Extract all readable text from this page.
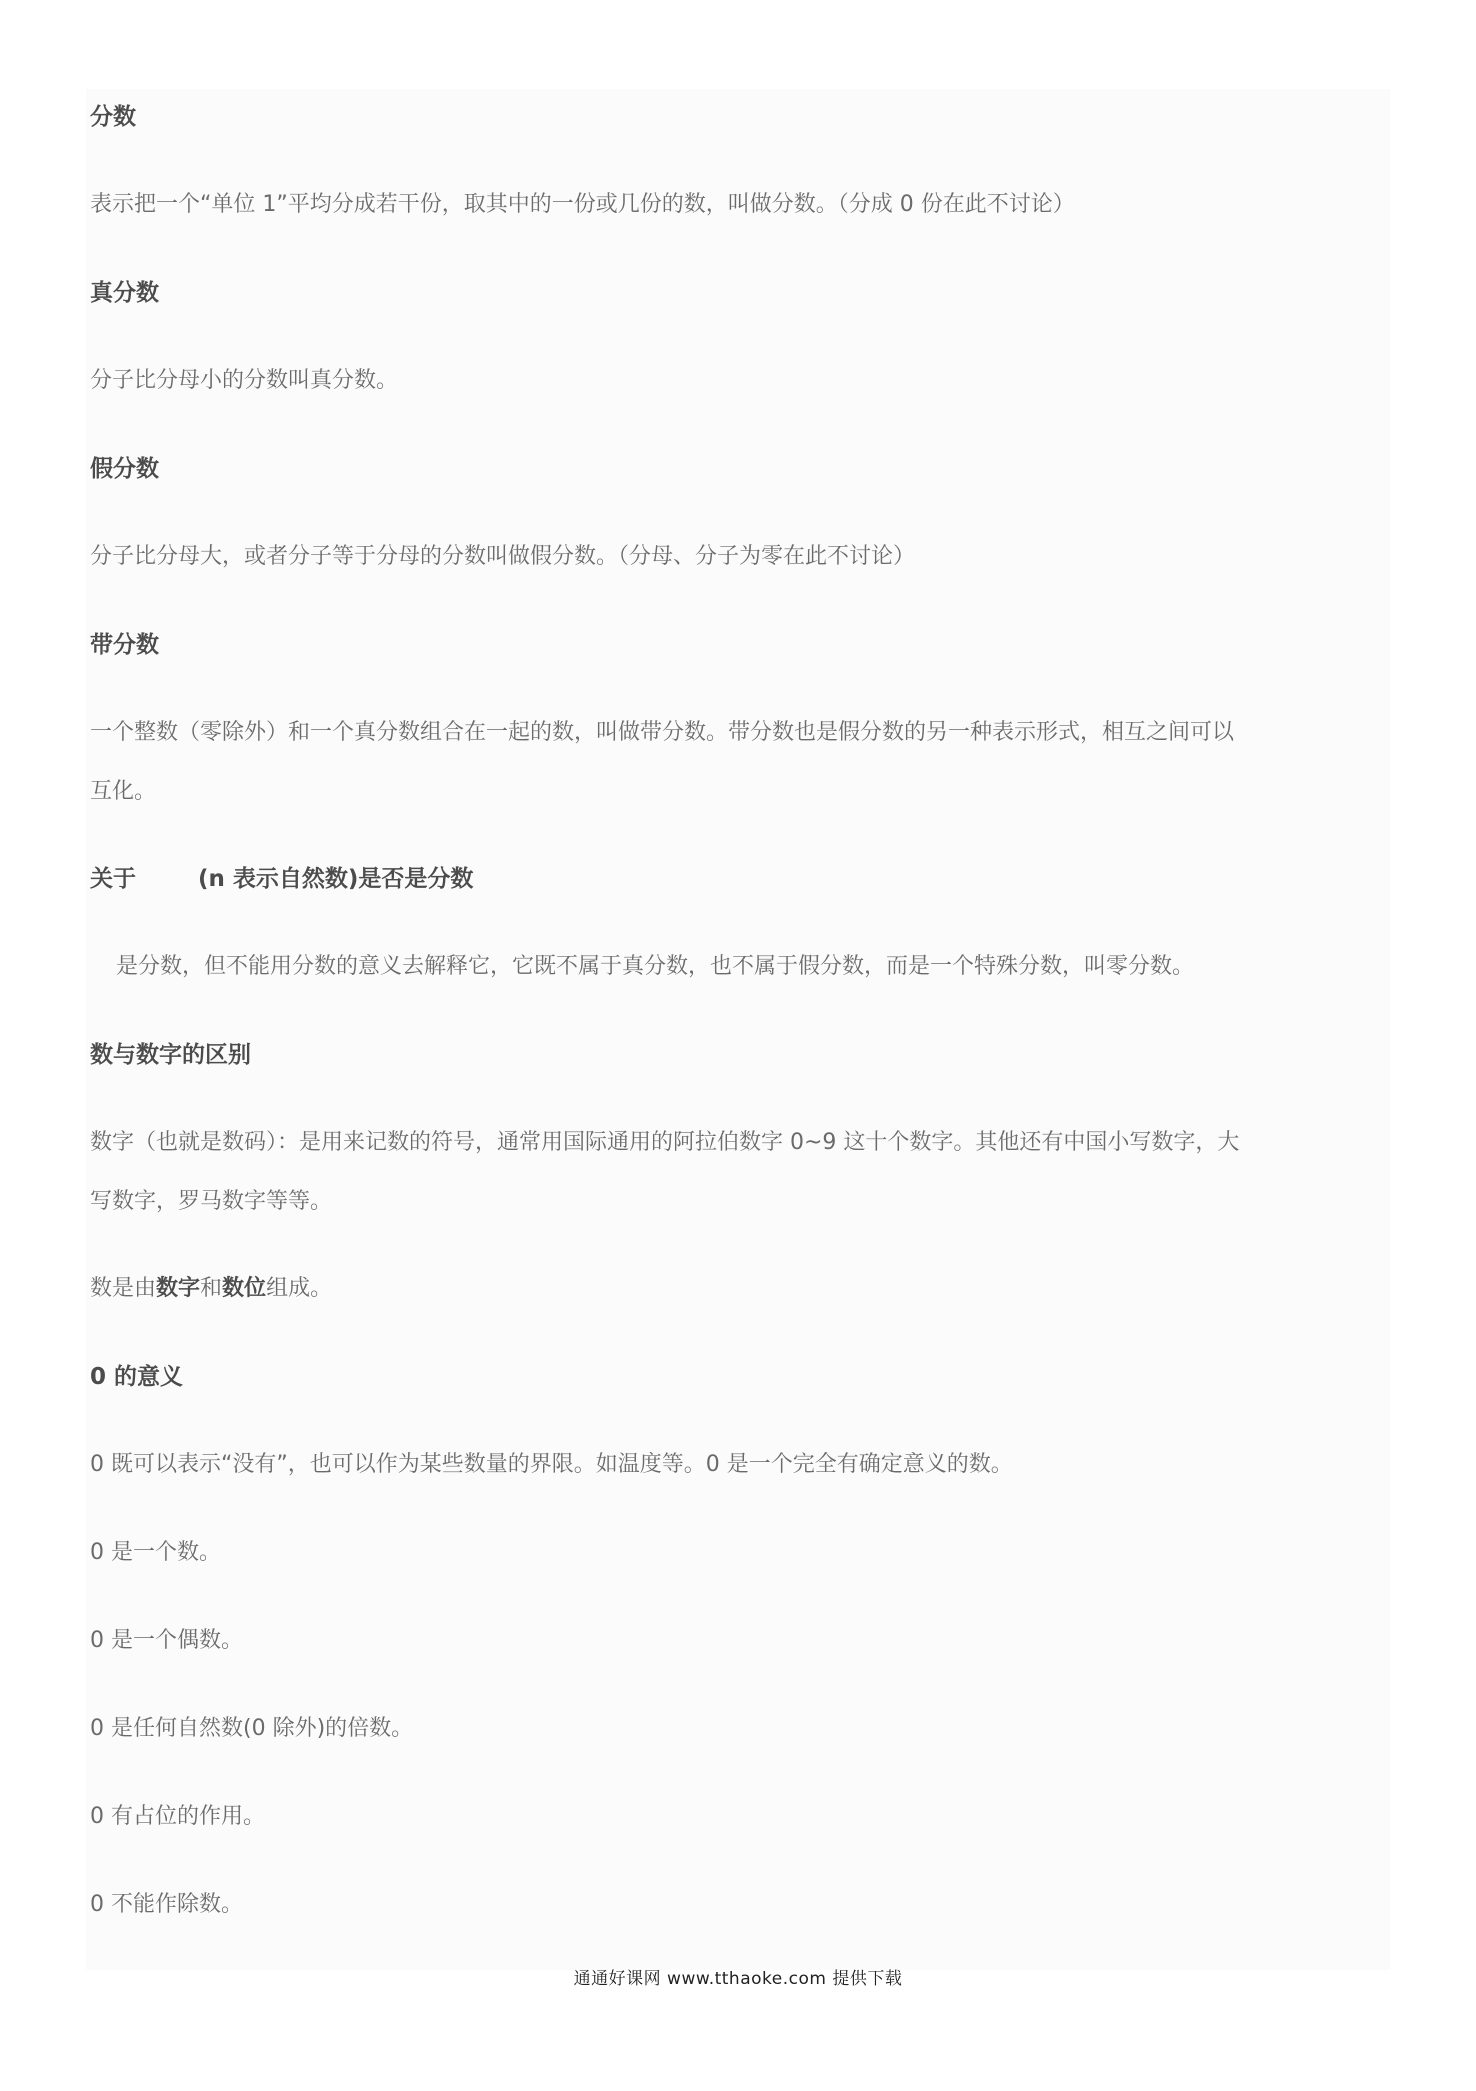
分数
表示把一个“单位 1”平均分成若干份，取其中的一份或几份的数，叫做分数。（分成 0 份在此不讨论）
真分数
分子比分母小的分数叫真分数。
假分数
分子比分母大，或者分子等于分母的分数叫做假分数。（分母、分子为零在此不讨论）
带分数
一个整数（零除外）和一个真分数组合在一起的数，叫做带分数。带分数也是假分数的另一种表示形式，相互之间可以
互化。
关于	(n 表示自然数)是否是分数
是分数，但不能用分数的意义去解释它，它既不属于真分数，也不属于假分数，而是一个特殊分数，叫零分数。
数与数字的区别
数字（也就是数码）：是用来记数的符号，通常用国际通用的阿拉伯数字 0~9 这十个数字。其他还有中国小写数字，大
写数字，罗马数字等等。
数是由数字和数位组成。
0 的意义
0 既可以表示“没有”，也可以作为某些数量的界限。如温度等。0 是一个完全有确定意义的数。
0 是一个数。
0 是一个偶数。
0 是任何自然数(0 除外)的倍数。
0 有占位的作用。
0 不能作除数。
通通好课网 www.tthaoke.com 提供下载
